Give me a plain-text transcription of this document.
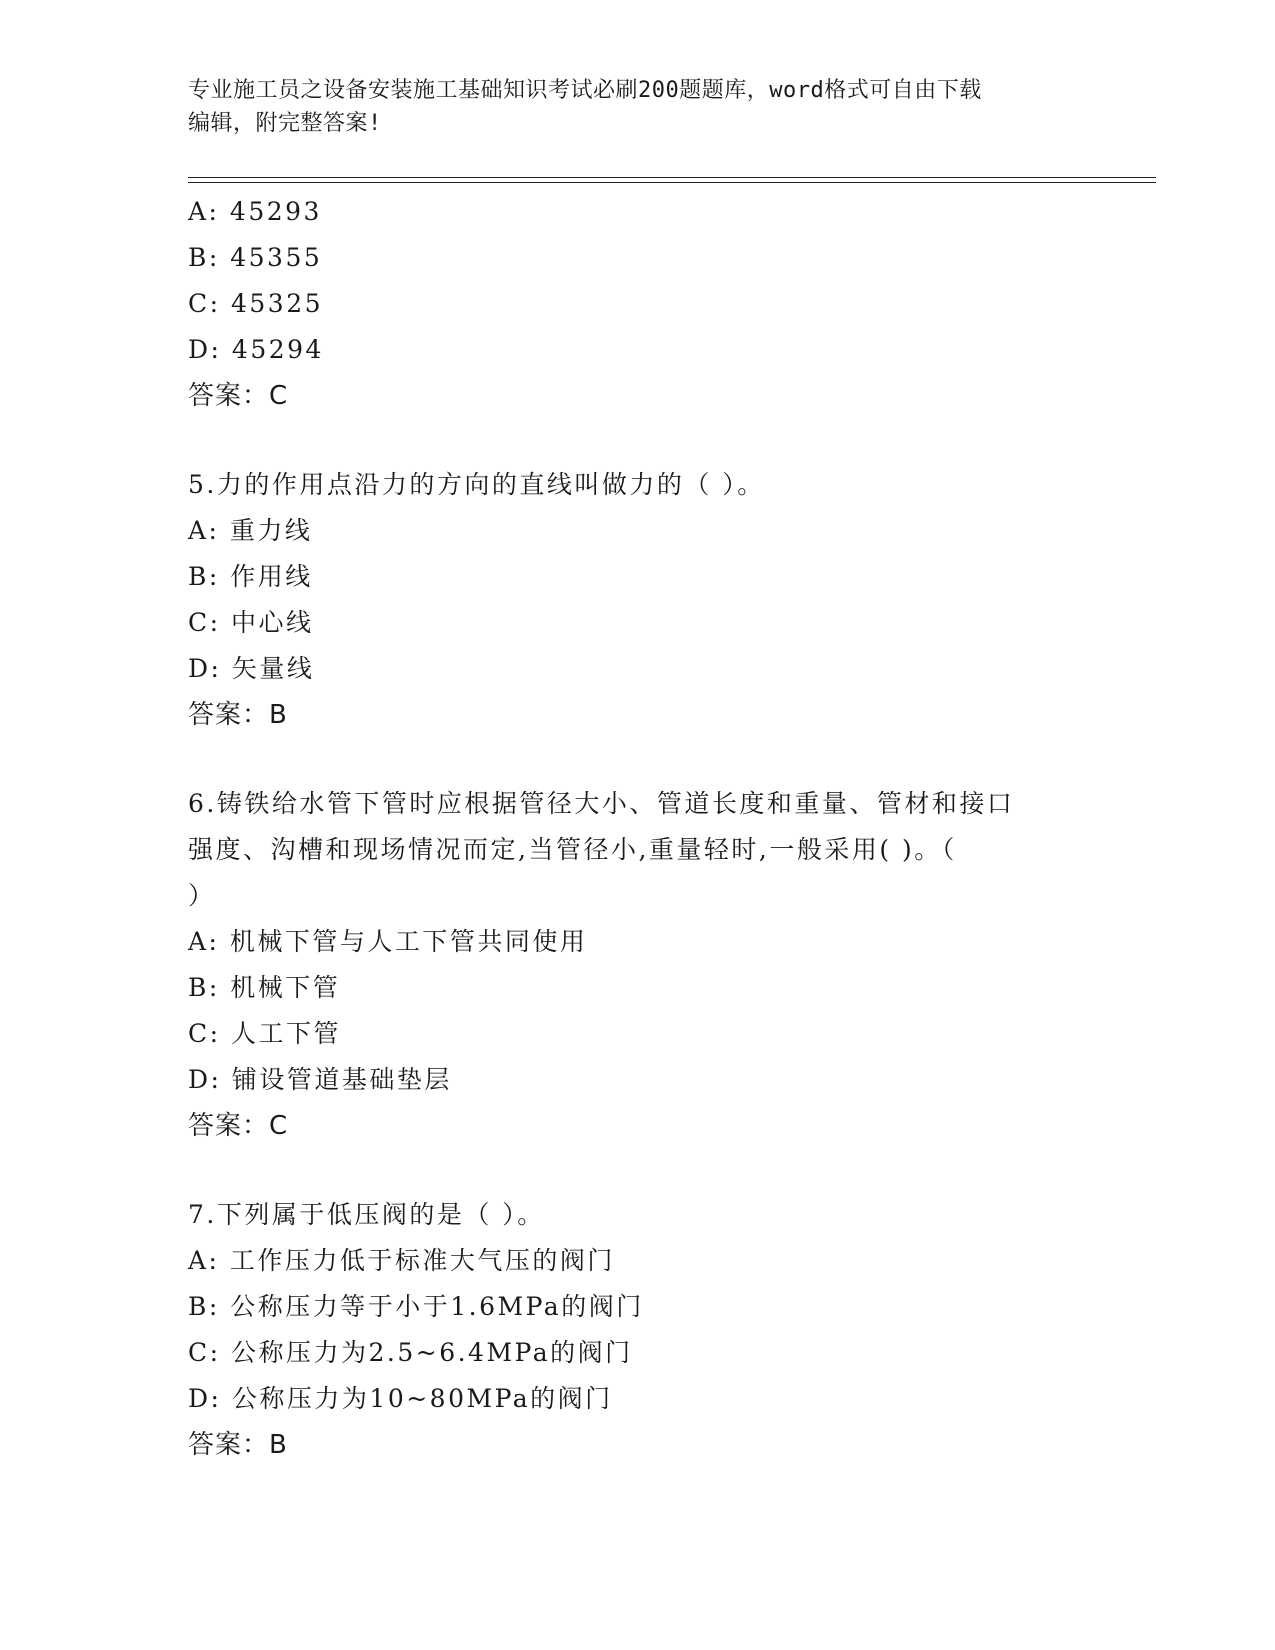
专业施工员之设备安装施工基础知识考试必刷200题题库，word格式可自由下载
编辑，附完整答案!
A: 45293
B: 45355
C: 45325
D: 45294
答案：C
5.力的作用点沿力的方向的直线叫做力的（ ）。
A: 重力线
B: 作用线
C: 中心线
D: 矢量线
答案：B
6.铸铁给水管下管时应根据管径大小、管道长度和重量、管材和接口
强度、沟槽和现场情况而定,当管径小,重量轻时,一般采用( )。（
）
A: 机械下管与人工下管共同使用
B: 机械下管
C: 人工下管
D: 铺设管道基础垫层
答案：C
7.下列属于低压阀的是（ ）。
A: 工作压力低于标准大气压的阀门
B: 公称压力等于小于1.6MPa的阀门
C: 公称压力为2.5~6.4MPa的阀门
D: 公称压力为10~80MPa的阀门
答案：B
